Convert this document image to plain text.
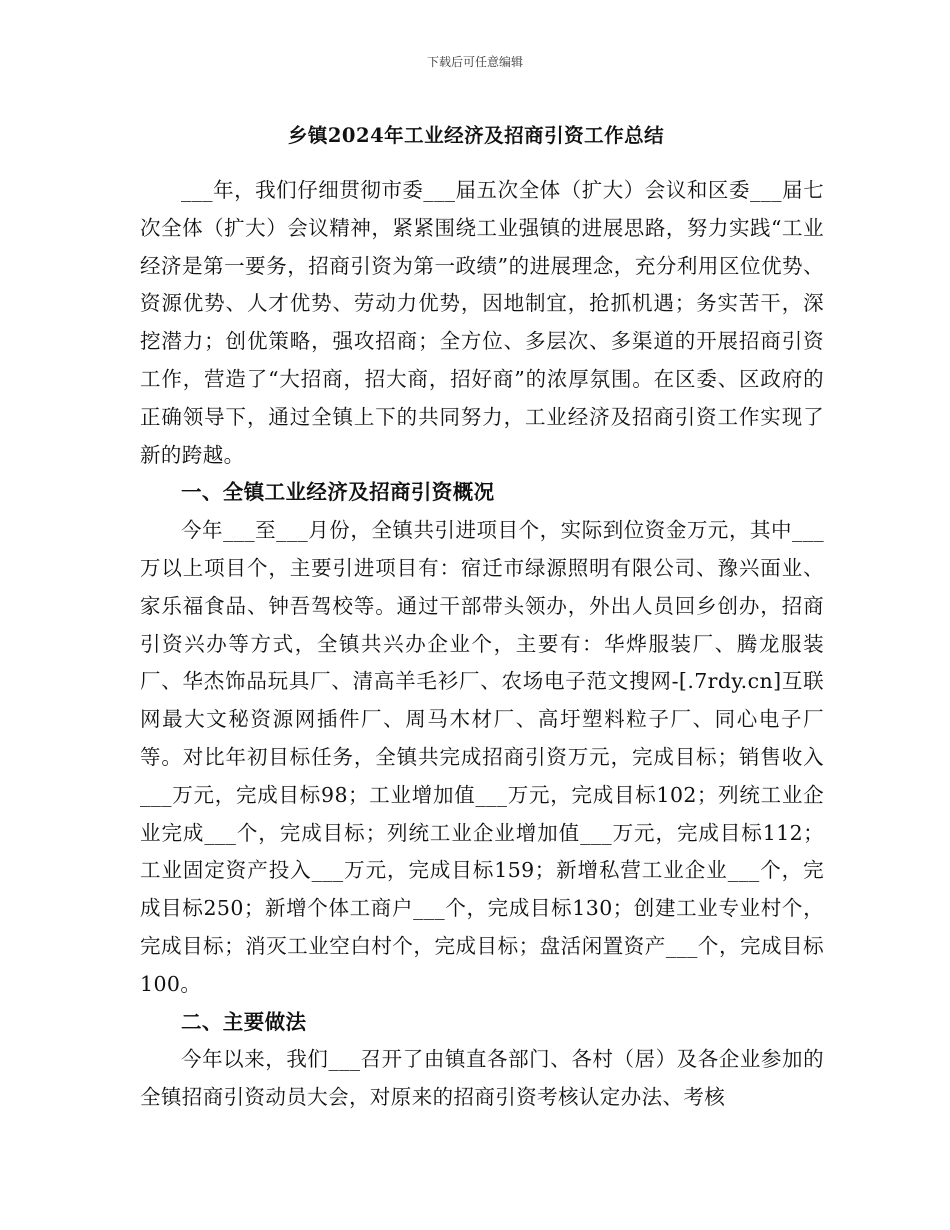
下载后可任意编辑
乡镇2024年工业经济及招商引资工作总结

___年，我们仔细贯彻市委___届五次全体（扩大）会议和区委___届七次全体（扩大）会议精神，紧紧围绕工业强镇的进展思路，努力实践“工业经济是第一要务，招商引资为第一政绩”的进展理念，充分利用区位优势、资源优势、人才优势、劳动力优势，因地制宜，抢抓机遇；务实苦干，深挖潜力；创优策略，强攻招商；全方位、多层次、多渠道的开展招商引资工作，营造了“大招商，招大商，招好商”的浓厚氛围。在区委、区政府的正确领导下，通过全镇上下的共同努力，工业经济及招商引资工作实现了新的跨越。

一、全镇工业经济及招商引资概况

今年___至___月份，全镇共引进项目个，实际到位资金万元，其中___万以上项目个，主要引进项目有：宿迁市绿源照明有限公司、豫兴面业、家乐福食品、钟吾驾校等。通过干部带头领办，外出人员回乡创办，招商引资兴办等方式，全镇共兴办企业个，主要有：华烨服装厂、腾龙服装厂、华杰饰品玩具厂、清高羊毛衫厂、农场电子范文搜网-[.7rdy.cn]互联网最大文秘资源网插件厂、周马木材厂、高圩塑料粒子厂、同心电子厂等。对比年初目标任务，全镇共完成招商引资万元，完成目标；销售收入___万元，完成目标98；工业增加值___万元，完成目标102；列统工业企业完成___个，完成目标；列统工业企业增加值___万元，完成目标112；工业固定资产投入___万元，完成目标159；新增私营工业企业___个，完成目标250；新增个体工商户___个，完成目标130；创建工业专业村个，完成目标；消灭工业空白村个，完成目标；盘活闲置资产___个，完成目标100。

二、主要做法

今年以来，我们___召开了由镇直各部门、各村（居）及各企业参加的全镇招商引资动员大会，对原来的招商引资考核认定办法、考核
